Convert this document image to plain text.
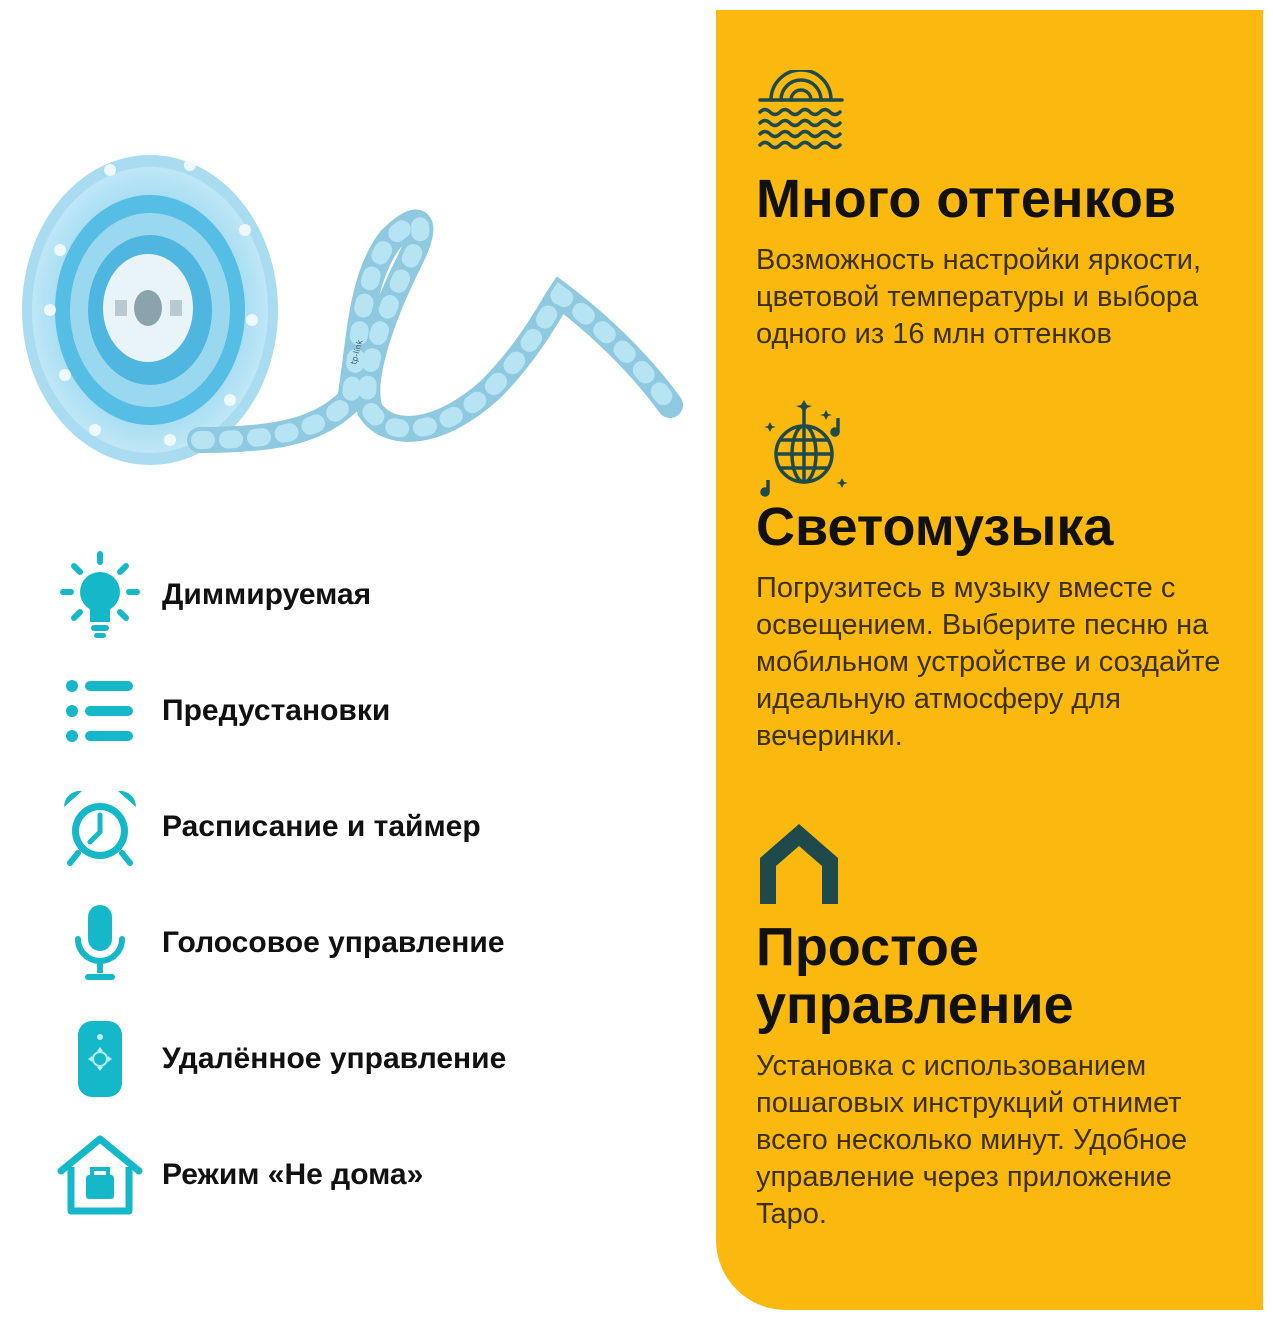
tp-link
Диммируемая
Предустановки
Расписание и таймер
Голосовое управление
Удалённое управление
Режим «Не дома»
Много оттенков

Возможность настройки яркости, цветовой температуры и выбора одного из 16 млн оттенков

Светомузыка

Погрузитесь в музыку вместе с освещением. Выберите песню на мобильном устройстве и создайте идеальную атмосферу для вечеринки.

Простое управление

Установка с использованием пошаговых инструкций отнимет всего несколько минут. Удобное управление через приложение Tapo.
